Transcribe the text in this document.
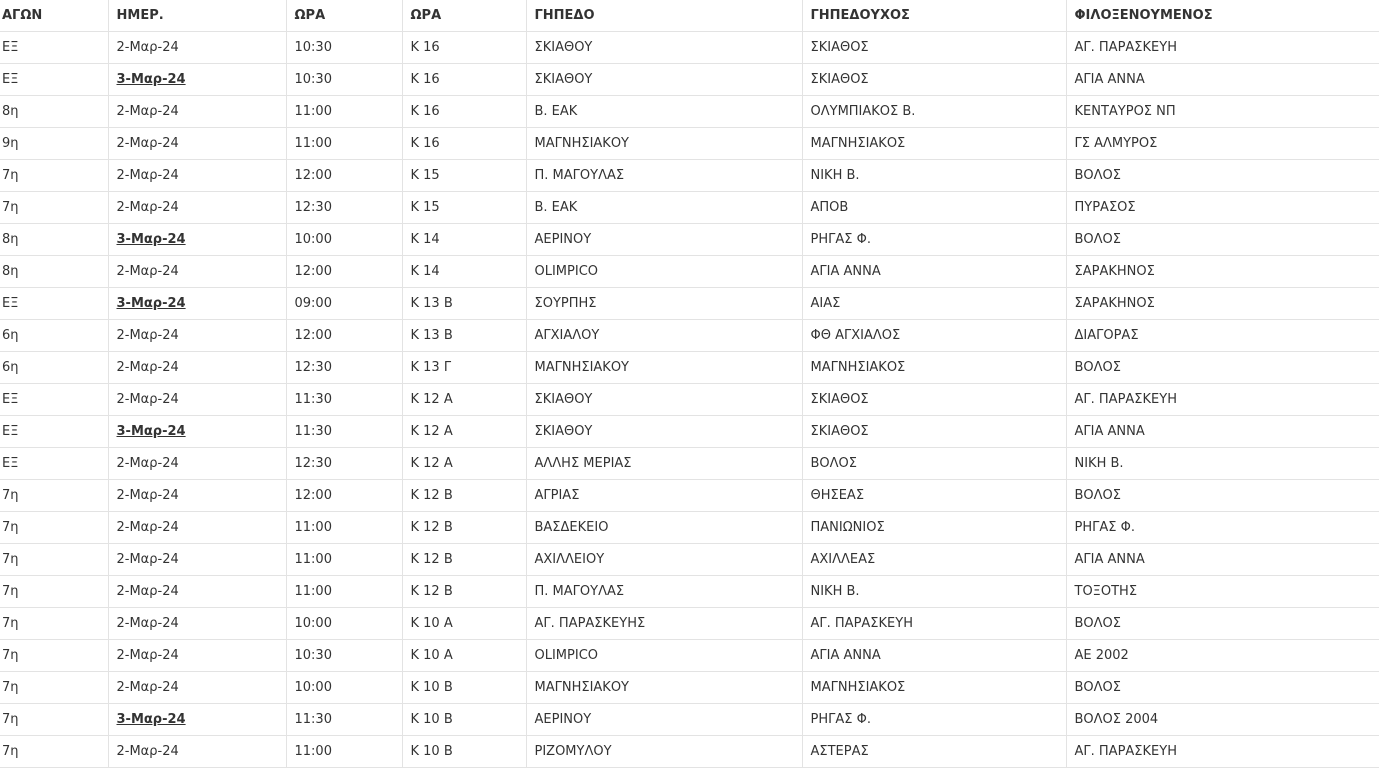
ΑΓΩΝ	ΗΜΕΡ.	ΩΡΑ	ΩΡΑ	ΓΗΠΕΔΟ	ΓΗΠΕΔΟΥΧΟΣ	ΦΙΛΟΞΕΝΟΥΜΕΝΟΣ
ΕΞ	2-Μαρ-24	10:30	Κ 16	ΣΚΙΑΘΟΥ	ΣΚΙΑΘΟΣ	ΑΓ. ΠΑΡΑΣΚΕΥΗ
ΕΞ	3-Μαρ-24	10:30	Κ 16	ΣΚΙΑΘΟΥ	ΣΚΙΑΘΟΣ	ΑΓΙΑ ΑΝΝΑ
8η	2-Μαρ-24	11:00	Κ 16	Β. ΕΑΚ	ΟΛΥΜΠΙΑΚΟΣ Β.	ΚΕΝΤΑΥΡΟΣ ΝΠ
9η	2-Μαρ-24	11:00	Κ 16	ΜΑΓΝΗΣΙΑΚΟΥ	ΜΑΓΝΗΣΙΑΚΟΣ	ΓΣ ΑΛΜΥΡΟΣ
7η	2-Μαρ-24	12:00	Κ 15	Π. ΜΑΓΟΥΛΑΣ	ΝΙΚΗ Β.	ΒΟΛΟΣ
7η	2-Μαρ-24	12:30	Κ 15	Β. ΕΑΚ	ΑΠΟΒ	ΠΥΡΑΣΟΣ
8η	3-Μαρ-24	10:00	Κ 14	ΑΕΡΙΝΟΥ	ΡΗΓΑΣ Φ.	ΒΟΛΟΣ
8η	2-Μαρ-24	12:00	Κ 14	OLIMPICO	ΑΓΙΑ ΑΝΝΑ	ΣΑΡΑΚΗΝΟΣ
ΕΞ	3-Μαρ-24	09:00	Κ 13 Β	ΣΟΥΡΠΗΣ	ΑΙΑΣ	ΣΑΡΑΚΗΝΟΣ
6η	2-Μαρ-24	12:00	Κ 13 Β	ΑΓΧΙΑΛΟΥ	ΦΘ ΑΓΧΙΑΛΟΣ	ΔΙΑΓΟΡΑΣ
6η	2-Μαρ-24	12:30	Κ 13 Γ	ΜΑΓΝΗΣΙΑΚΟΥ	ΜΑΓΝΗΣΙΑΚΟΣ	ΒΟΛΟΣ
ΕΞ	2-Μαρ-24	11:30	Κ 12 Α	ΣΚΙΑΘΟΥ	ΣΚΙΑΘΟΣ	ΑΓ. ΠΑΡΑΣΚΕΥΗ
ΕΞ	3-Μαρ-24	11:30	Κ 12 Α	ΣΚΙΑΘΟΥ	ΣΚΙΑΘΟΣ	ΑΓΙΑ ΑΝΝΑ
ΕΞ	2-Μαρ-24	12:30	Κ 12 Α	ΑΛΛΗΣ ΜΕΡΙΑΣ	ΒΟΛΟΣ	ΝΙΚΗ Β.
7η	2-Μαρ-24	12:00	Κ 12 Β	ΑΓΡΙΑΣ	ΘΗΣΕΑΣ	ΒΟΛΟΣ
7η	2-Μαρ-24	11:00	Κ 12 Β	ΒΑΣΔΕΚΕΙΟ	ΠΑΝΙΩΝΙΟΣ	ΡΗΓΑΣ Φ.
7η	2-Μαρ-24	11:00	Κ 12 Β	ΑΧΙΛΛΕΙΟΥ	ΑΧΙΛΛΕΑΣ	ΑΓΙΑ ΑΝΝΑ
7η	2-Μαρ-24	11:00	Κ 12 Β	Π. ΜΑΓΟΥΛΑΣ	ΝΙΚΗ Β.	ΤΟΞΟΤΗΣ
7η	2-Μαρ-24	10:00	Κ 10 Α	ΑΓ. ΠΑΡΑΣΚΕΥΗΣ	ΑΓ. ΠΑΡΑΣΚΕΥΗ	ΒΟΛΟΣ
7η	2-Μαρ-24	10:30	Κ 10 Α	OLIMPICO	ΑΓΙΑ ΑΝΝΑ	ΑΕ 2002
7η	2-Μαρ-24	10:00	Κ 10 Β	ΜΑΓΝΗΣΙΑΚΟΥ	ΜΑΓΝΗΣΙΑΚΟΣ	ΒΟΛΟΣ
7η	3-Μαρ-24	11:30	Κ 10 Β	ΑΕΡΙΝΟΥ	ΡΗΓΑΣ Φ.	ΒΟΛΟΣ 2004
7η	2-Μαρ-24	11:00	Κ 10 Β	ΡΙΖΟΜΥΛΟΥ	ΑΣΤΕΡΑΣ	ΑΓ. ΠΑΡΑΣΚΕΥΗ
